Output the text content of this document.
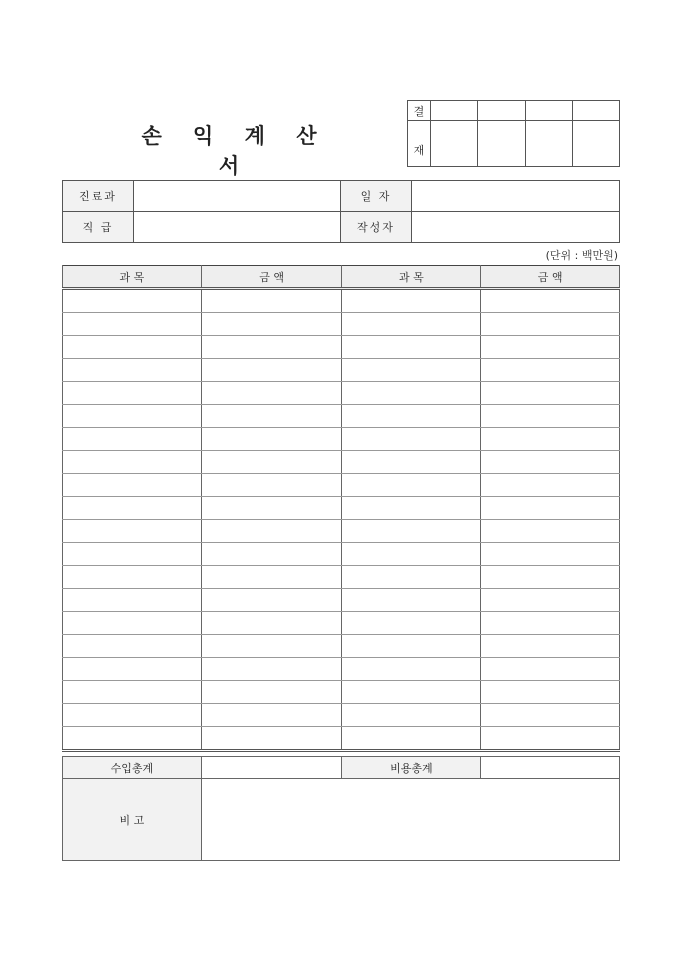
손 익 계 산 서
결				
재				
진료과		일 자	
직 급		작성자	
(단위 : 백만원)
과 목	금 액	과 목	금 액

수입총계		비용총계	
비 고			
